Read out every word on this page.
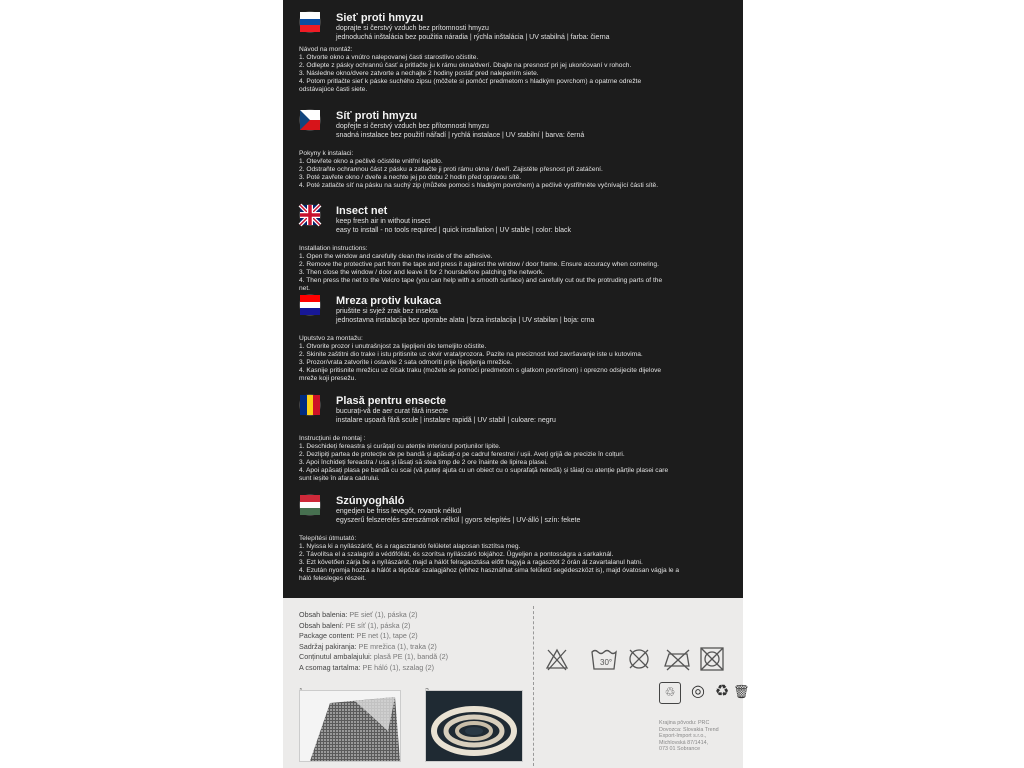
Obsah balenia: PE sieť (1), páska (2)
Obsah balení: PE síť (1), páska (2)
Package content: PE net (1), tape (2)
Sadržaj pakiranja: PE mrežica (1), traka (2)
Conținutul ambalajului: plasă PE (1), bandă (2)
A csomag tartalma: PE háló (1), szalag (2)	30°
♲ ◎ ♻ 🗑
Krajina pôvodu: PRC
Dovozca: Slovakia Trend
Export-Import s.r.o.,
Michlovská 87/1414,
073 01 Sobrance
Sieť proti hmyzu
doprajte si čerstvý vzduch bez prítomnosti hmyzu
jednoduchá inštalácia bez použitia náradia | rýchla inštalácia | UV stabilná | farba: čierna
Návod na montáž:
1. Otvorte okno a vnútro nalepovanej časti starostlivo očistite.
2. Odlepte z pásky ochrannú časť a pritlačte ju k rámu okna/dverí. Dbajte na presnosť pri jej ukončovaní v rohoch.
3. Následne okno/dvere zatvorte a nechajte 2 hodiny postáť pred nalepením siete.
4. Potom pritlačte sieť k páske suchého zipsu (môžete si pomôcť predmetom s hladkým povrchom) a opatrne odrežte
odstávajúce časti siete.
Síť proti hmyzu
dopřejte si čerstvý vzduch bez přítomnosti hmyzu
snadná instalace bez použití nářadí | rychlá instalace | UV stabilní | barva: černá
Pokyny k instalaci:
1. Otevřete okno a pečlivě očistěte vnitřní lepidlo.
2. Odstraňte ochrannou část z pásku a zatlačte ji proti rámu okna / dveří. Zajistěte přesnost při zatáčení.
3. Poté zavřete okno / dveře a nechte jej po dobu 2 hodin před opravou sítě.
4. Poté zatlačte síť na pásku na suchý zip (můžete pomoci s hladkým povrchem) a pečlivě vystřihněte vyčnívající části sítě.
Insect net
keep fresh air in without insect
easy to install - no tools required | quick installation | UV stable | color: black
Installation instructions:
1. Open the window and carefully clean the inside of the adhesive.
2. Remove the protective part from the tape and press it against the window / door frame. Ensure accuracy when cornering.
3. Then close the window / door and leave it for 2 hoursbefore patching the network.
4. Then press the net to the Velcro tape (you can help with a smooth surface) and carefully cut out the protruding parts of the
net.
Mreza protiv kukaca
priuštite si svjež zrak bez insekta
jednostavna instalacija bez uporabe alata | brza instalacija | UV stabilan | boja: crna
Uputstvo za montažu:
1. Otvorite prozor i unutrašnjost za lijepljeni dio temeljito očistite.
2. Skinite zaštitni dio trake i istu pritisnite uz okvir vrata/prozora. Pazite na preciznost kod završavanje iste u kutovima.
3. Prozor/vrata zatvorite i ostavite 2 sata odmoriti prije lijepljenja mrežice.
4. Kasnije pritisnite mrežicu uz čičak traku (možete se pomoći predmetom s glatkom površinom) i oprezno odsijecite dijelove
mreže koji presežu.
Plasă pentru ensecte
bucurați-vă de aer curat fără insecte
instalare ușoară fără scule | instalare rapidă | UV stabil | culoare: negru
Instrucțiuni de montaj :
1. Deschideți fereastra și curățați cu atenție interiorul porțiunilor lipite.
2. Dezlipiți partea de protecție de pe bandă și apăsați-o pe cadrul ferestrei / ușii. Aveți grijă de precizie în colțuri.
3. Apoi închideți fereastra / ușa și lăsați să stea timp de 2 ore înainte de lipirea plasei.
4. Apoi apăsați plasa pe bandă cu scai (vă puteți ajuta cu un obiect cu o suprafață netedă) și tăiați cu atenție părțile plasei care
sunt ieșite în afara cadrului.
Szúnyogháló
engedjen be friss levegőt, rovarok nélkül
egyszerű felszerelés szerszámok nélkül | gyors telepítés | UV-álló | szín: fekete
Telepítési útmutató:
1. Nyissa ki a nyílászárót, és a ragasztandó felületet alaposan tisztítsa meg.
2. Távolítsa el a szalagról a védőfóliát, és szorítsa nyílászáró tokjához. Ügyeljen a pontosságra a sarkaknál.
3. Ezt követően zárja be a nyílászárót, majd a hálót felragasztása előtt hagyja a ragasztót 2 órán át zavartalanul hatni.
4. Ezután nyomja hozzá a hálót a tépőzár szalagjához (ehhez használhat sima felületű segédeszközt is), majd óvatosan vágja le a
háló felesleges részeit.
